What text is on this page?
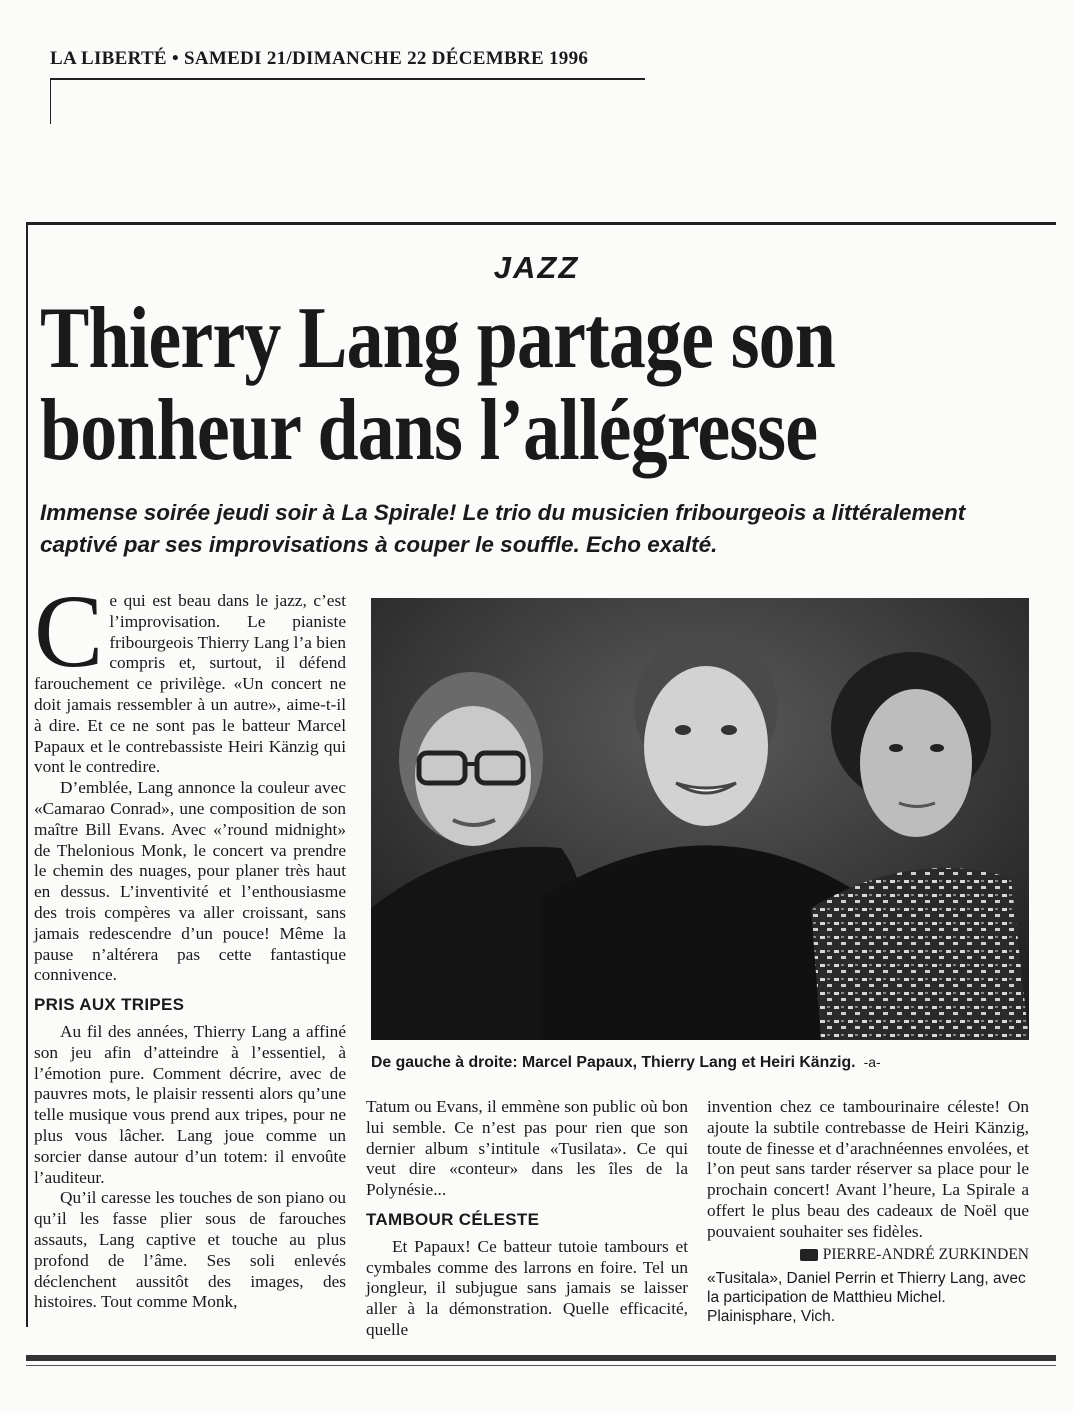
LA LIBERTÉ • SAMEDI 21/DIMANCHE 22 DÉCEMBRE 1996
JAZZ
Thierry Lang partage son
bonheur dans l’allégresse

Immense soirée jeudi soir à La Spirale! Le trio du musicien fribourgeois a littéralement captivé par ses improvisations à couper le souffle. Echo exalté.

Ce qui est beau dans le jazz, c’est l’improvisation. Le pianiste fribourgeois Thierry Lang l’a bien compris et, surtout, il défend farouchement ce privilège. «Un concert ne doit jamais ressembler à un autre», aime-t-il à dire. Et ce ne sont pas le batteur Marcel Papaux et le contrebassiste Heiri Känzig qui vont le contredire.

D’emblée, Lang annonce la couleur avec «Camarao Conrad», une composition de son maître Bill Evans. Avec «’round midnight» de Thelonious Monk, le concert va prendre le chemin des nuages, pour planer très haut en dessus. L’inventivité et l’enthousiasme des trois compères va aller croissant, sans jamais redescendre d’un pouce! Même la pause n’altérera pas cette fantastique connivence.

PRIS AUX TRIPES

Au fil des années, Thierry Lang a affiné son jeu afin d’atteindre à l’essentiel, à l’émotion pure. Comment décrire, avec de pauvres mots, le plaisir ressenti alors qu’une telle musique vous prend aux tripes, pour ne plus vous lâcher. Lang joue comme un sorcier danse autour d’un totem: il envoûte l’auditeur.

Qu’il caresse les touches de son piano ou qu’il les fasse plier sous de farouches assauts, Lang captive et touche au plus profond de l’âme. Ses soli enlevés déclenchent aussitôt des images, des histoires. Tout comme Monk,

De gauche à droite: Marcel Papaux, Thierry Lang et Heiri Känzig. -a-

Tatum ou Evans, il emmène son public où bon lui semble. Ce n’est pas pour rien que son dernier album s’intitule «Tusilata». Ce qui veut dire «conteur» dans les îles de la Polynésie...

TAMBOUR CÉLESTE

Et Papaux! Ce batteur tutoie tambours et cymbales comme des larrons en foire. Tel un jongleur, il subjugue sans jamais se laisser aller à la démonstration. Quelle efficacité, quelle

invention chez ce tambourinaire céleste! On ajoute la subtile contrebasse de Heiri Känzig, toute de finesse et d’arachnéennes envolées, et l’on peut sans tarder réserver sa place pour le prochain concert! Avant l’heure, La Spirale a offert le plus beau des cadeaux de Noël que pouvaient souhaiter ses fidèles.

PIERRE-ANDRÉ ZURKINDEN

«Tusitala», Daniel Perrin et Thierry Lang, avec la participation de Matthieu Michel. Plainisphare, Vich.
